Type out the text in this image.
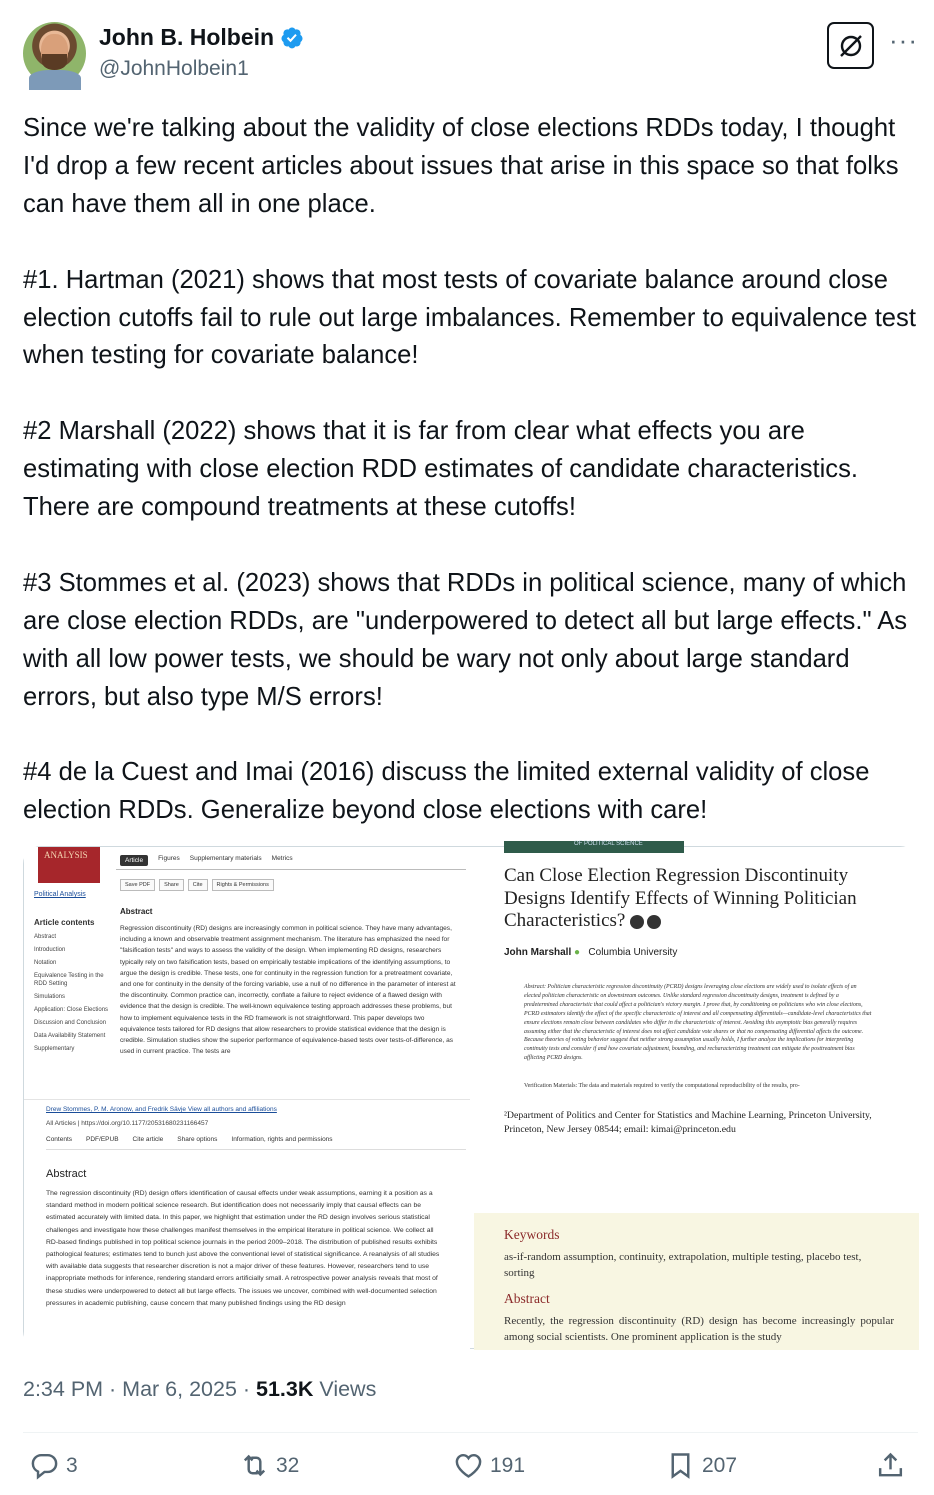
John B. Holbein
@JohnHolbein1
···
Since we're talking about the validity of close elections RDDs today, I thought I'd drop a few recent articles about issues that arise in this space so that folks can have them all in one place.

#1. Hartman (2021) shows that most tests of covariate balance around close election cutoffs fail to rule out large imbalances. Remember to equivalence test when testing for covariate balance!

#2 Marshall (2022) shows that it is far from clear what effects you are estimating with close election RDD estimates of candidate characteristics. There are compound treatments at these cutoffs!

#3 Stommes et al. (2023) shows that RDDs in political science, many of which are close election RDDs, are "underpowered to detect all but large effects." As with all low power tests, we should be wary not only about large standard errors, but also type M/S errors!

#4 de la Cuest and Imai (2016) discuss the limited external validity of close election RDDs. Generalize beyond close elections with care!
ANALYSIS
Political Analysis
Article contents
Abstract
Introduction
Notation
Equivalence Testing in the RDD Setting
Simulations
Application: Close Elections
Discussion and Conclusion
Data Availability Statement
Supplementary
Article	Figures Supplementary materials Metrics
Save PDF	Share	Cite	Rights & Permissions
Abstract
Regression discontinuity (RD) designs are increasingly common in political science. They have many advantages, including a known and observable treatment assignment mechanism. The literature has emphasized the need for "falsification tests" and ways to assess the validity of the design. When implementing RD designs, researchers typically rely on two falsification tests, based on empirically testable implications of the identifying assumptions, to argue the design is credible. These tests, one for continuity in the regression function for a pretreatment covariate, and one for continuity in the density of the forcing variable, use a null of no difference in the parameter of interest at the discontinuity. Common practice can, incorrectly, conflate a failure to reject evidence of a flawed design with evidence that the design is credible. The well-known equivalence testing approach addresses these problems, but how to implement equivalence tests in the RD framework is not straightforward. This paper develops two equivalence tests tailored for RD designs that allow researchers to provide statistical evidence that the design is credible. Simulation studies show the superior performance of equivalence-based tests over tests-of-difference, as used in current practice. The tests are
Drew Stommes, P. M. Aronow, and Fredrik Sävje View all authors and affiliations
All Articles | https://doi.org/10.1177/20531680231166457
Contents PDF/EPUB Cite article Share options Information, rights and permissions
Abstract
The regression discontinuity (RD) design offers identification of causal effects under weak assumptions, earning it a position as a standard method in modern political science research. But identification does not necessarily imply that causal effects can be estimated accurately with limited data. In this paper, we highlight that estimation under the RD design involves serious statistical challenges and investigate how these challenges manifest themselves in the empirical literature in political science. We collect all RD-based findings published in top political science journals in the period 2009–2018. The distribution of published results exhibits pathological features; estimates tend to bunch just above the conventional level of statistical significance. A reanalysis of all studies with available data suggests that researcher discretion is not a major driver of these features. However, researchers tend to use inappropriate methods for inference, rendering standard errors artificially small. A retrospective power analysis reveals that most of these studies were underpowered to detect all but large effects. The issues we uncover, combined with well-documented selection pressures in academic publishing, cause concern that many published findings using the RD design
OF POLITICAL SCIENCE
Can Close Election Regression Discontinuity Designs Identify Effects of Winning Politician Characteristics?
John Marshall ● Columbia University
Abstract: Politician characteristic regression discontinuity (PCRD) designs leveraging close elections are widely used to isolate effects of an elected politician characteristic on downstream outcomes. Unlike standard regression discontinuity designs, treatment is defined by a predetermined characteristic that could affect a politician's victory margin. I prove that, by conditioning on politicians who win close elections, PCRD estimators identify the effect of the specific characteristic of interest and all compensating differentials—candidate-level characteristics that ensure elections remain close between candidates who differ in the characteristic of interest. Avoiding this asymptotic bias generally requires assuming either that the characteristic of interest does not affect candidate vote shares or that no compensating differential affects the outcome. Because theories of voting behavior suggest that neither strong assumption usually holds, I further analyze the implications for interpreting continuity tests and consider if and how covariate adjustment, bounding, and recharacterizing treatment can mitigate the posttreatment bias afflicting PCRD designs.
Verification Materials: The data and materials required to verify the computational reproducibility of the results, pro-
²Department of Politics and Center for Statistics and Machine Learning, Princeton University, Princeton, New Jersey 08544; email: kimai@princeton.edu
Keywords
as-if-random assumption, continuity, extrapolation, multiple testing, placebo test, sorting
Abstract
Recently, the regression discontinuity (RD) design has become increasingly popular among social scientists. One prominent application is the study
2:34 PM · Mar 6, 2025 · 51.3K Views
3	32	191	207
